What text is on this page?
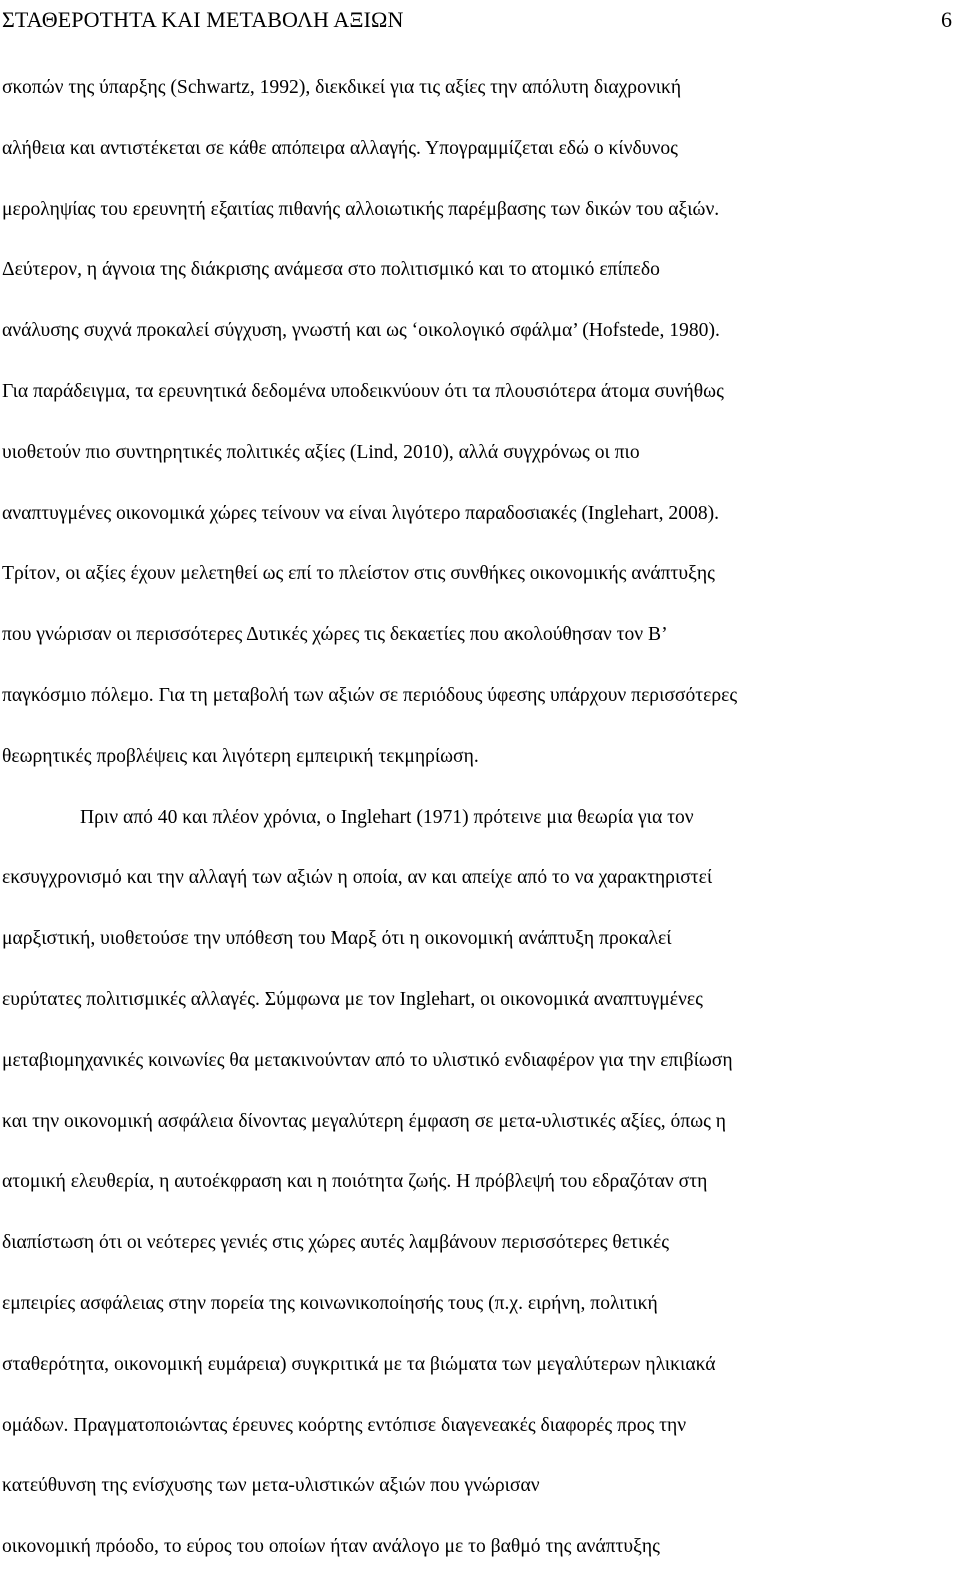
ΣΤΑΘΕΡΟΤΗΤΑ ΚΑΙ ΜΕΤΑΒΟΛΗ ΑΞΙΩΝ	6
σκοπών της ύπαρξης (Schwartz, 1992), διεκδικεί για τις αξίες την απόλυτη διαχρονική
αλήθεια και αντιστέκεται σε κάθε απόπειρα αλλαγής. Υπογραμμίζεται εδώ ο κίνδυνος
μεροληψίας του ερευνητή εξαιτίας πιθανής αλλοιωτικής παρέμβασης των δικών του αξιών.
Δεύτερον, η άγνοια της διάκρισης ανάμεσα στο πολιτισμικό και το ατομικό επίπεδο
ανάλυσης συχνά προκαλεί σύγχυση, γνωστή και ως ‘οικολογικό σφάλμα’ (Hofstede, 1980).
Για παράδειγμα, τα ερευνητικά δεδομένα υποδεικνύουν ότι τα πλουσιότερα άτομα συνήθως
υιοθετούν πιο συντηρητικές πολιτικές αξίες (Lind, 2010), αλλά συγχρόνως οι πιο
αναπτυγμένες οικονομικά χώρες τείνουν να είναι λιγότερο παραδοσιακές (Inglehart, 2008).
Τρίτον, οι αξίες έχουν μελετηθεί ως επί το πλείστον στις συνθήκες οικονομικής ανάπτυξης
που γνώρισαν οι περισσότερες Δυτικές χώρες τις δεκαετίες που ακολούθησαν τον Β’
παγκόσμιο πόλεμο. Για τη μεταβολή των αξιών σε περιόδους ύφεσης υπάρχουν περισσότερες
θεωρητικές προβλέψεις και λιγότερη εμπειρική τεκμηρίωση.
Πριν από 40 και πλέον χρόνια, ο Inglehart (1971) πρότεινε μια θεωρία για τον
εκσυγχρονισμό και την αλλαγή των αξιών η οποία, αν και απείχε από το να χαρακτηριστεί
μαρξιστική, υιοθετούσε την υπόθεση του Μαρξ ότι η οικονομική ανάπτυξη προκαλεί
ευρύτατες πολιτισμικές αλλαγές. Σύμφωνα με τον Inglehart, οι οικονομικά αναπτυγμένες
μεταβιομηχανικές κοινωνίες θα μετακινούνταν από το υλιστικό ενδιαφέρον για την επιβίωση
και την οικονομική ασφάλεια δίνοντας μεγαλύτερη έμφαση σε μετα-υλιστικές αξίες, όπως η
ατομική ελευθερία, η αυτοέκφραση και η ποιότητα ζωής. Η πρόβλεψή του εδραζόταν στη
διαπίστωση ότι οι νεότερες γενιές στις χώρες αυτές λαμβάνουν περισσότερες θετικές
εμπειρίες ασφάλειας στην πορεία της κοινωνικοποίησής τους (π.χ. ειρήνη, πολιτική
σταθερότητα, οικονομική ευμάρεια) συγκριτικά με τα βιώματα των μεγαλύτερων ηλικιακά
ομάδων. Πραγματοποιώντας έρευνες κοόρτης εντόπισε διαγενεακές διαφορές προς την
κατεύθυνση της ενίσχυσης των μετα-υλιστικών αξιών που γνώρισαν
οικονομική πρόοδο, το εύρος του οποίων ήταν ανάλογο με το βαθμό της ανάπτυξης
